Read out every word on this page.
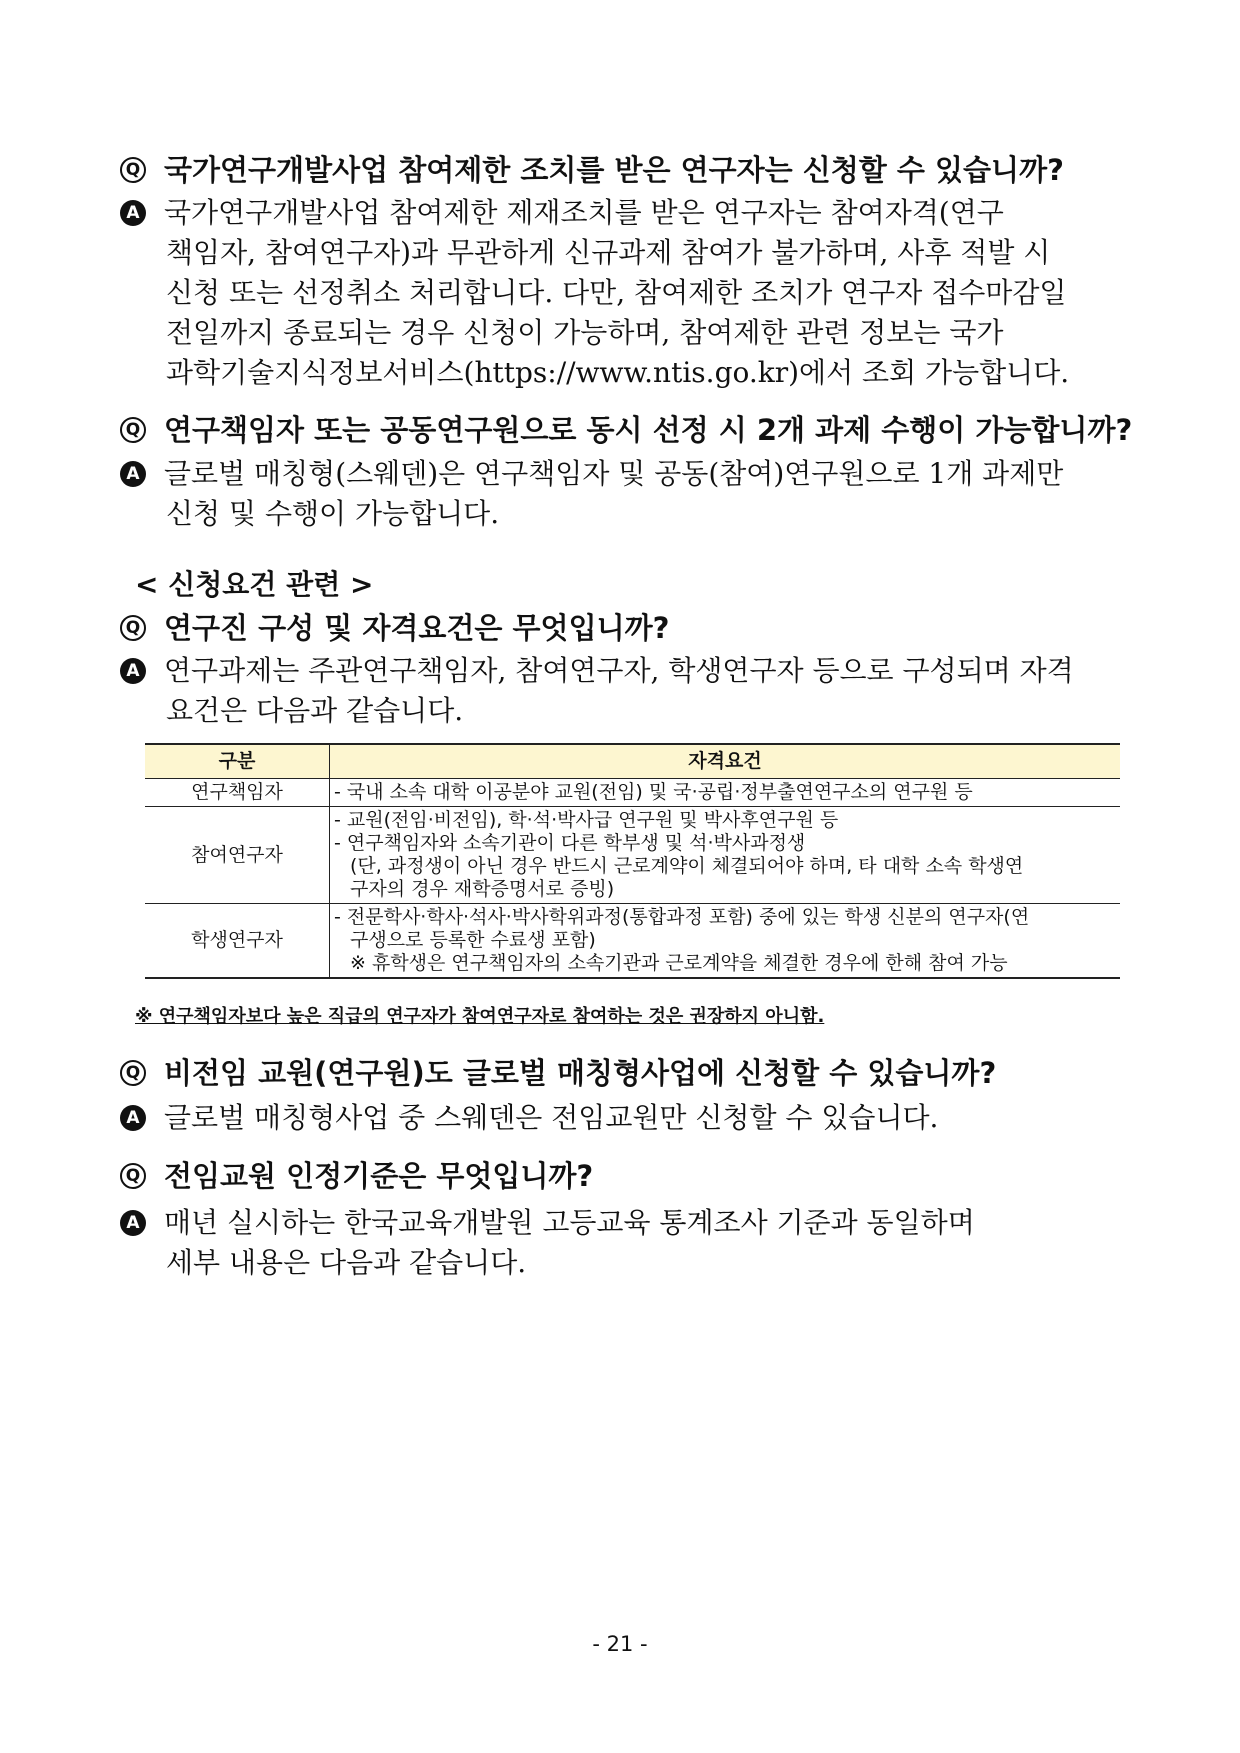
Q 국가연구개발사업 참여제한 조치를 받은 연구자는 신청할 수 있습니까?
A 국가연구개발사업 참여제한 제재조치를 받은 연구자는 참여자격(연구
책임자, 참여연구자)과 무관하게 신규과제 참여가 불가하며, 사후 적발 시
신청 또는 선정취소 처리합니다. 다만, 참여제한 조치가 연구자 접수마감일
전일까지 종료되는 경우 신청이 가능하며, 참여제한 관련 정보는 국가
과학기술지식정보서비스(https://www.ntis.go.kr)에서 조회 가능합니다.
Q 연구책임자 또는 공동연구원으로 동시 선정 시 2개 과제 수행이 가능합니까?
A 글로벌 매칭형(스웨덴)은 연구책임자 및 공동(참여)연구원으로 1개 과제만
신청 및 수행이 가능합니다.
< 신청요건 관련 >
Q 연구진 구성 및 자격요건은 무엇입니까?
A 연구과제는 주관연구책임자, 참여연구자, 학생연구자 등으로 구성되며 자격
요건은 다음과 같습니다.
구분	자격요건
연구책임자	- 국내 소속 대학 이공분야 교원(전임) 및 국·공립·정부출연연구소의 연구원 등

참여연구자	- 교원(전임·비전임), 학·석·박사급 연구원 및 박사후연구원 등
- 연구책임자와 소속기관이 다른 학부생 및 석·박사과정생
(단, 과정생이 아닌 경우 반드시 근로계약이 체결되어야 하며, 타 대학 소속 학생연
구자의 경우 재학증명서로 증빙)

학생연구자	- 전문학사·학사·석사·박사학위과정(통합과정 포함) 중에 있는 학생 신분의 연구자(연
구생으로 등록한 수료생 포함)
※ 휴학생은 연구책임자의 소속기관과 근로계약을 체결한 경우에 한해 참여 가능
※ 연구책임자보다 높은 직급의 연구자가 참여연구자로 참여하는 것은 권장하지 아니함.
Q 비전임 교원(연구원)도 글로벌 매칭형사업에 신청할 수 있습니까?
A 글로벌 매칭형사업 중 스웨덴은 전임교원만 신청할 수 있습니다.
Q 전임교원 인정기준은 무엇입니까?
A 매년 실시하는 한국교육개발원 고등교육 통계조사 기준과 동일하며
세부 내용은 다음과 같습니다.
- 21 -
